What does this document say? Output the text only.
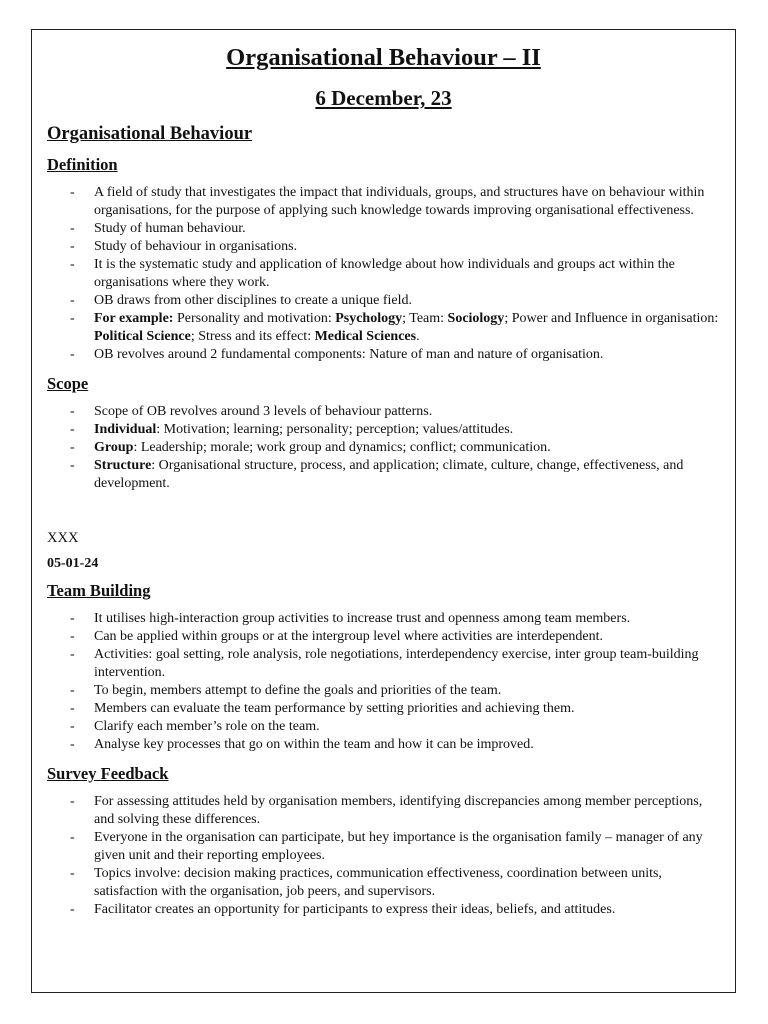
Organisational Behaviour – II
6 December, 23
Organisational Behaviour
Definition
- A field of study that investigates the impact that individuals, groups, and structures have on behaviour within organisations, for the purpose of applying such knowledge towards improving organisational effectiveness.
- Study of human behaviour.
- Study of behaviour in organisations.
- It is the systematic study and application of knowledge about how individuals and groups act within the organisations where they work.
- OB draws from other disciplines to create a unique field.
- For example: Personality and motivation: Psychology; Team: Sociology; Power and Influence in organisation: Political Science; Stress and its effect: Medical Sciences.
- OB revolves around 2 fundamental components: Nature of man and nature of organisation.
Scope
- Scope of OB revolves around 3 levels of behaviour patterns.
- Individual: Motivation; learning; personality; perception; values/attitudes.
- Group: Leadership; morale; work group and dynamics; conflict; communication.
- Structure: Organisational structure, process, and application; climate, culture, change, effectiveness, and development.
XXX
05-01-24
Team Building
- It utilises high-interaction group activities to increase trust and openness among team members.
- Can be applied within groups or at the intergroup level where activities are interdependent.
- Activities: goal setting, role analysis, role negotiations, interdependency exercise, inter group team-building intervention.
- To begin, members attempt to define the goals and priorities of the team.
- Members can evaluate the team performance by setting priorities and achieving them.
- Clarify each member’s role on the team.
- Analyse key processes that go on within the team and how it can be improved.
Survey Feedback
- For assessing attitudes held by organisation members, identifying discrepancies among member perceptions, and solving these differences.
- Everyone in the organisation can participate, but hey importance is the organisation family – manager of any given unit and their reporting employees.
- Topics involve: decision making practices, communication effectiveness, coordination between units, satisfaction with the organisation, job peers, and supervisors.
- Facilitator creates an opportunity for participants to express their ideas, beliefs, and attitudes.
